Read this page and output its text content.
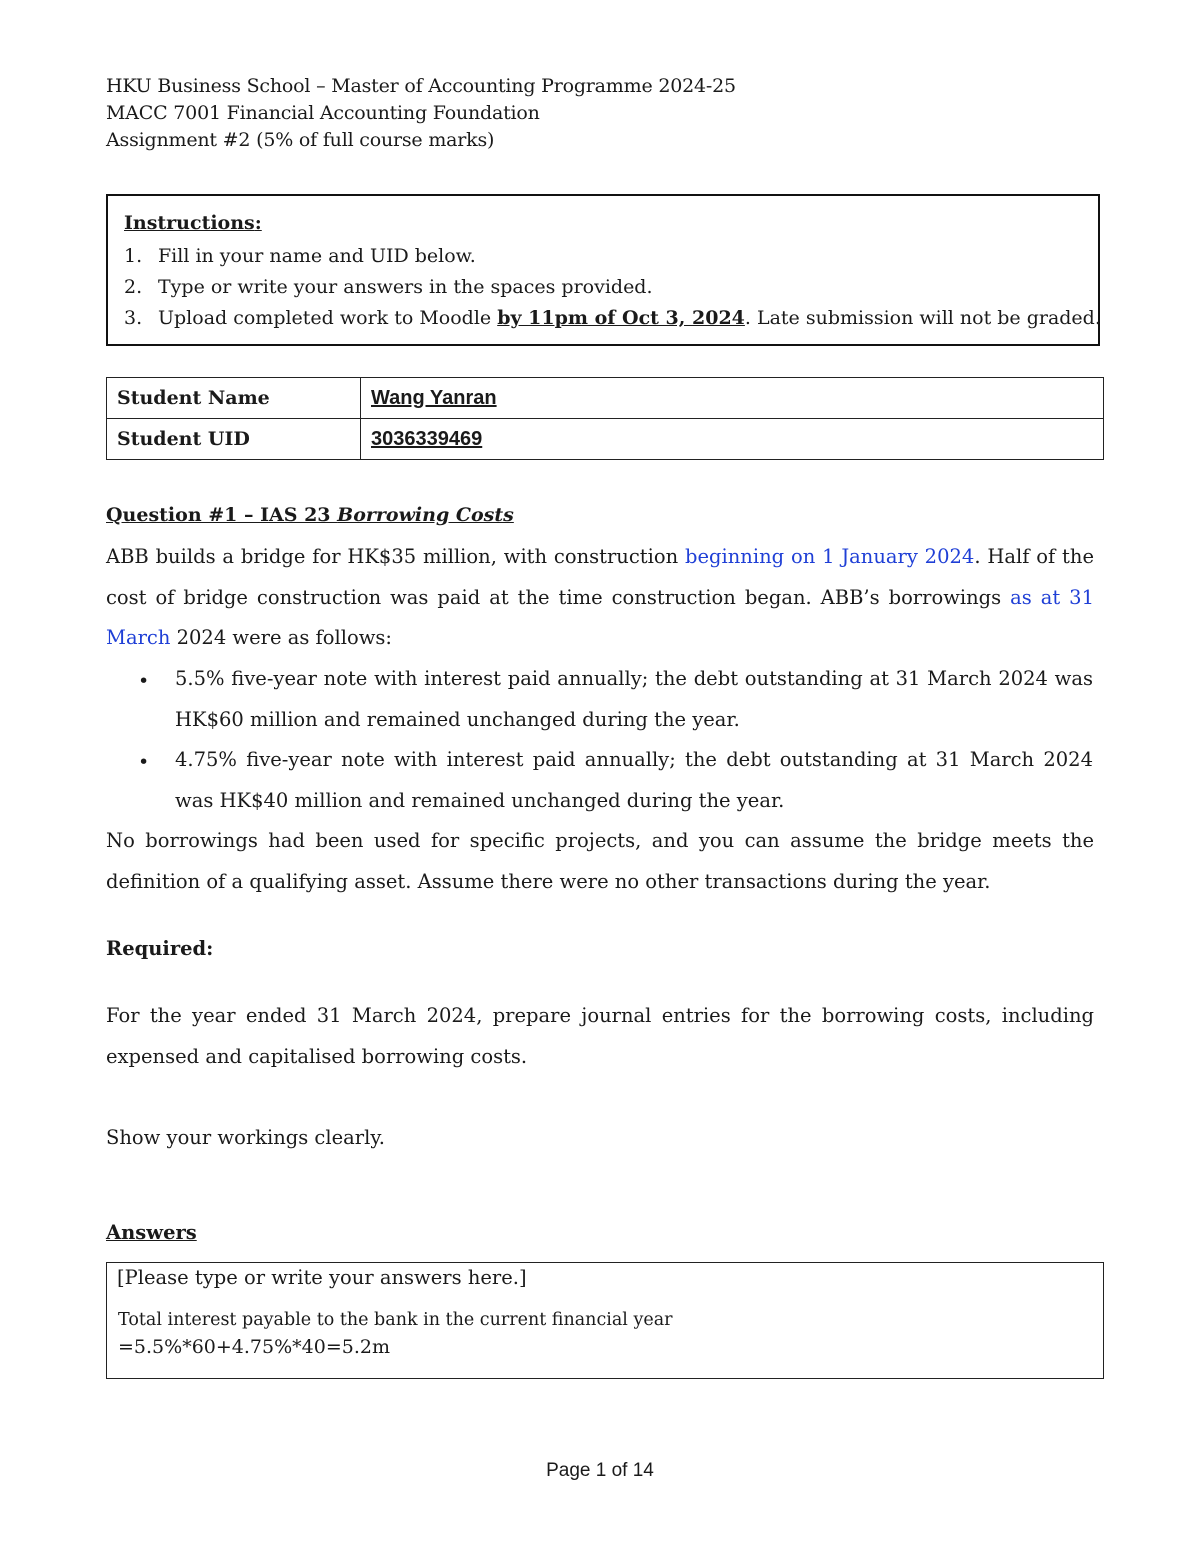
HKU Business School – Master of Accounting Programme 2024-25
MACC 7001 Financial Accounting Foundation
Assignment #2 (5% of full course marks)
Instructions:
1. Fill in your name and UID below.
2. Type or write your answers in the spaces provided.
3. Upload completed work to Moodle by 11pm of Oct 3, 2024. Late submission will not be graded.
Student Name	Wang Yanran
Student UID	3036339469
Question #1 – IAS 23 Borrowing Costs
ABB builds a bridge for HK$35 million, with construction beginning on 1 January 2024. Half of the cost of bridge construction was paid at the time construction began. ABB’s borrowings as at 31 March 2024 were as follows:
• 5.5% five-year note with interest paid annually; the debt outstanding at 31 March 2024 was HK$60 million and remained unchanged during the year.
• 4.75% five-year note with interest paid annually; the debt outstanding at 31 March 2024 was HK$40 million and remained unchanged during the year.
No borrowings had been used for specific projects, and you can assume the bridge meets the definition of a qualifying asset. Assume there were no other transactions during the year.
Required:
For the year ended 31 March 2024, prepare journal entries for the borrowing costs, including expensed and capitalised borrowing costs.
Show your workings clearly.
Answers
[Please type or write your answers here.]
Total interest payable to the bank in the current financial year
=5.5%*60+4.75%*40=5.2m
Page 1 of 14
